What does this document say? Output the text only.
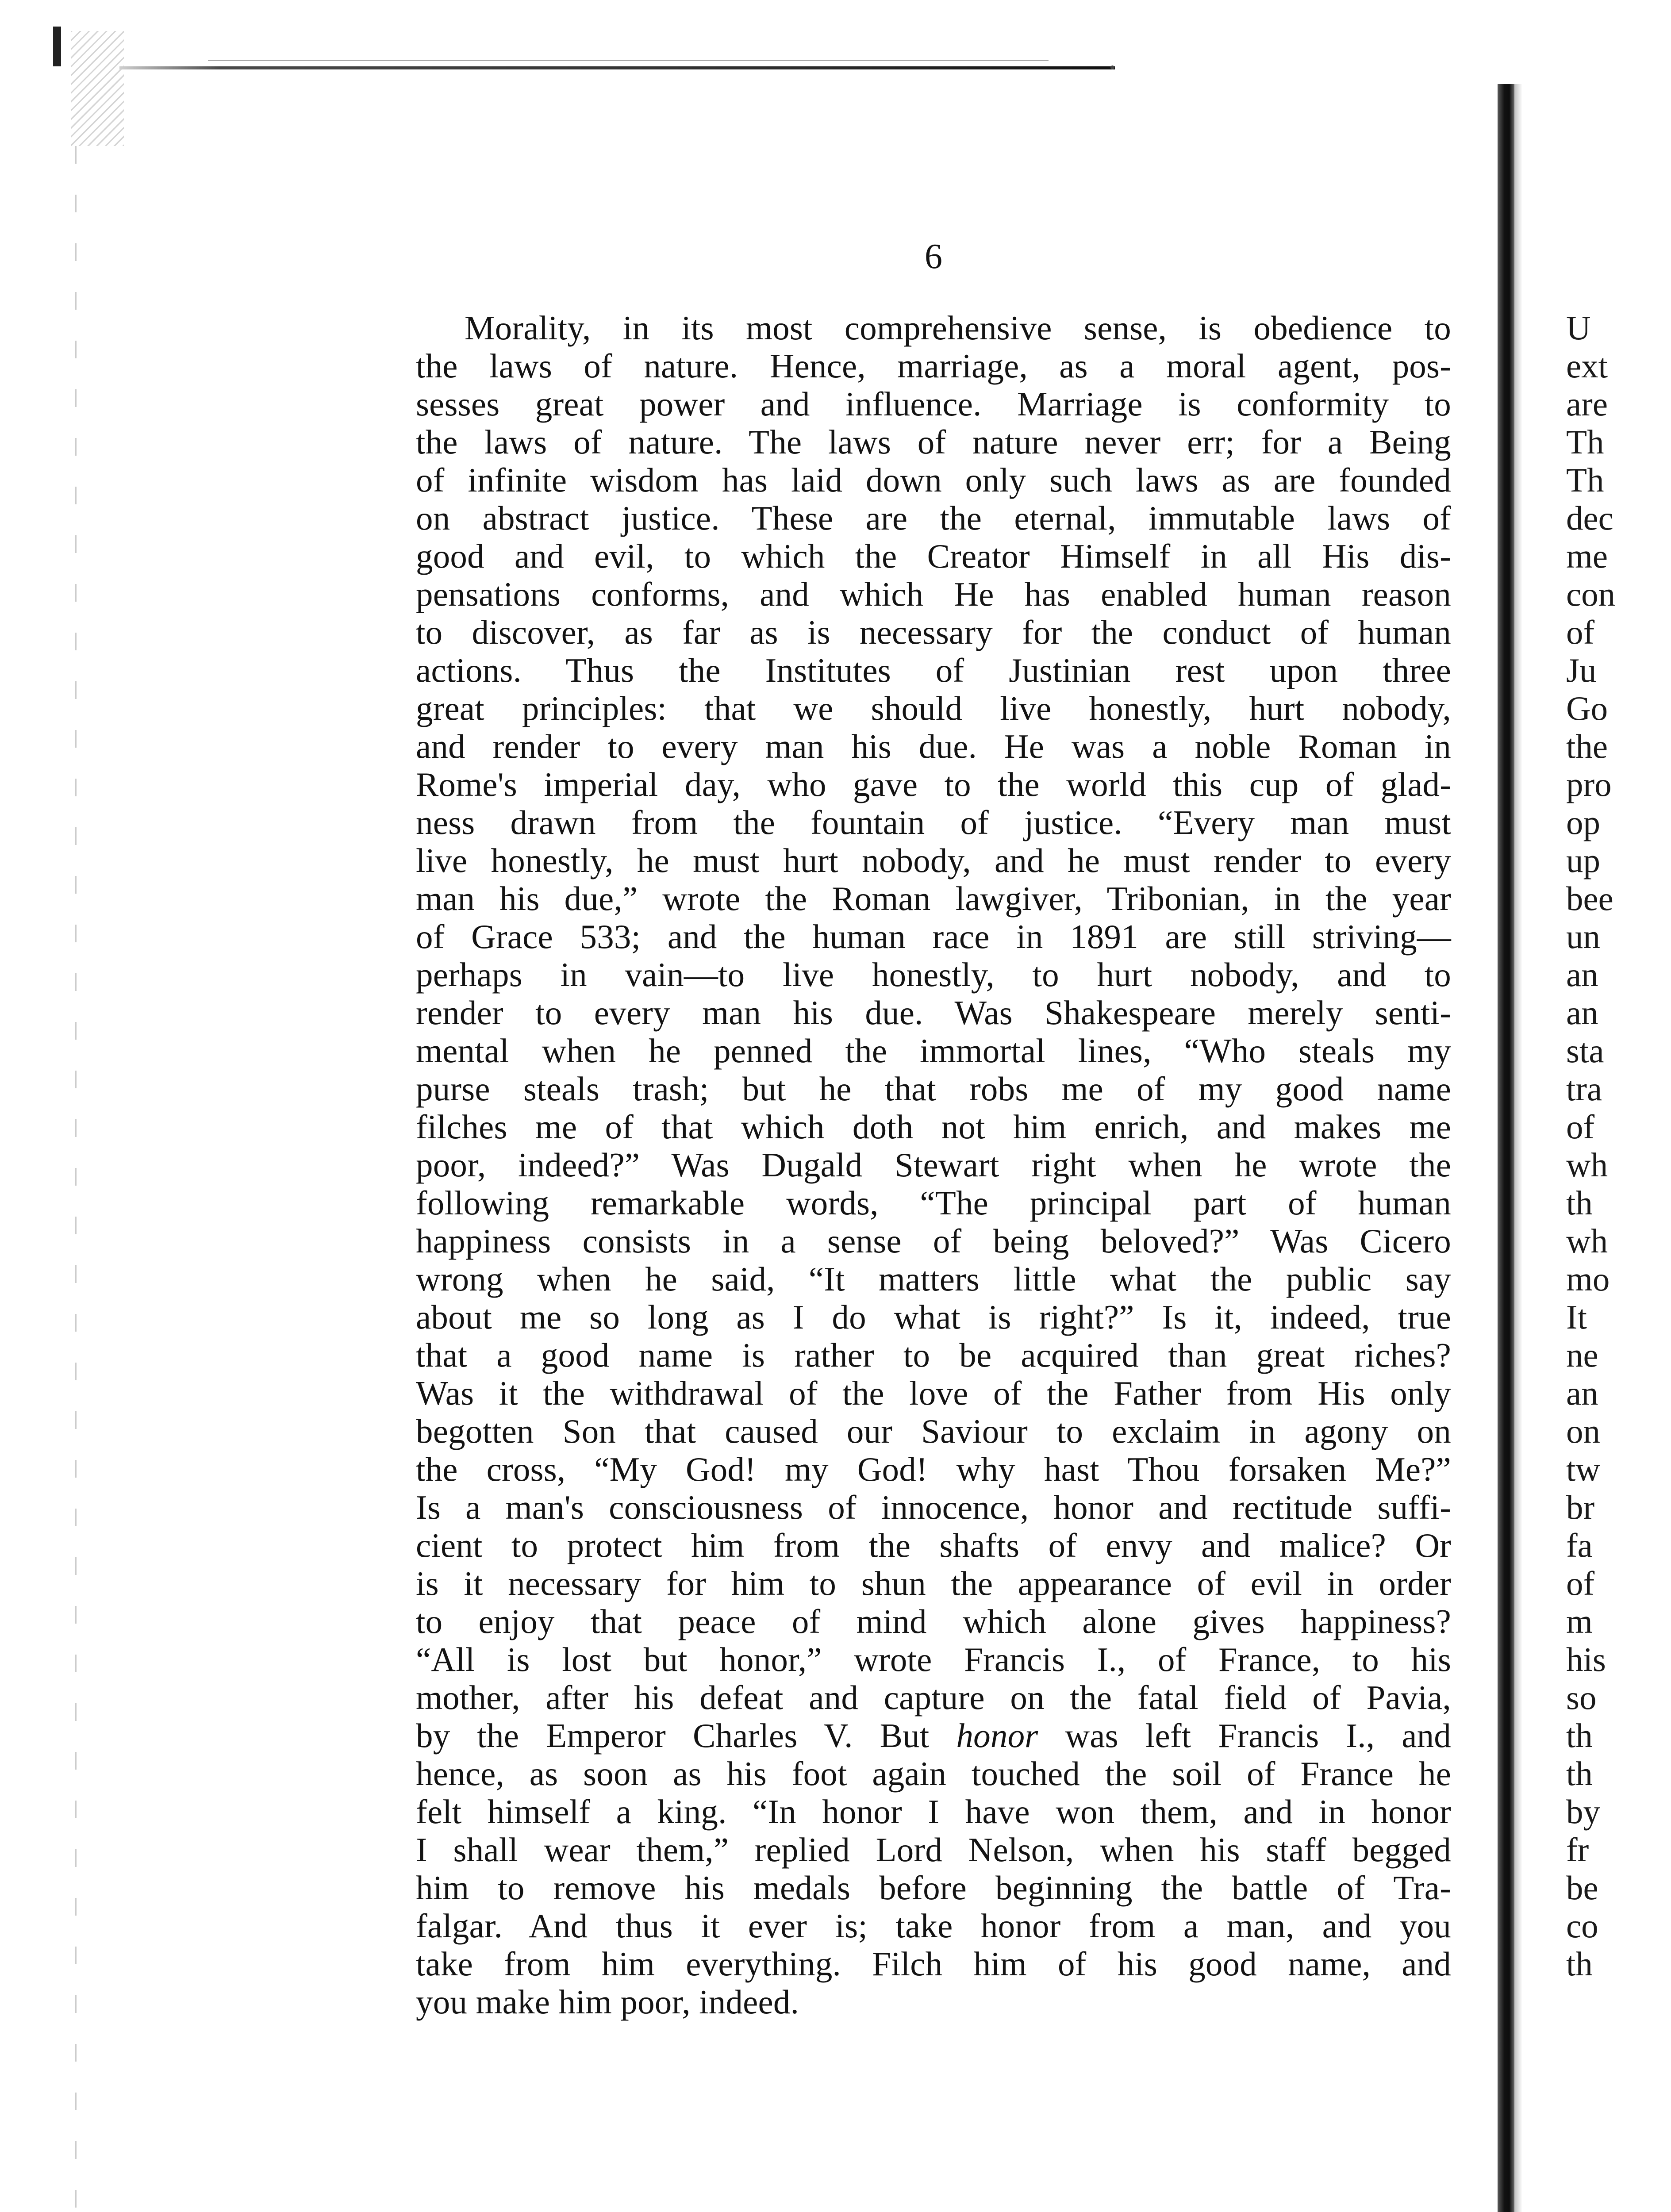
6
Morality, in its most comprehensive sense, is obedience to
the laws of nature. Hence, marriage, as a moral agent, pos-
sesses great power and influence. Marriage is conformity to
the laws of nature. The laws of nature never err; for a Being
of infinite wisdom has laid down only such laws as are founded
on abstract justice. These are the eternal, immutable laws of
good and evil, to which the Creator Himself in all His dis-
pensations conforms, and which He has enabled human reason
to discover, as far as is necessary for the conduct of human
actions. Thus the Institutes of Justinian rest upon three
great principles: that we should live honestly, hurt nobody,
and render to every man his due. He was a noble Roman in
Rome's imperial day, who gave to the world this cup of glad-
ness drawn from the fountain of justice. “Every man must
live honestly, he must hurt nobody, and he must render to every
man his due,” wrote the Roman lawgiver, Tribonian, in the year
of Grace 533; and the human race in 1891 are still striving—
perhaps in vain—to live honestly, to hurt nobody, and to
render to every man his due. Was Shakespeare merely senti-
mental when he penned the immortal lines, “Who steals my
purse steals trash; but he that robs me of my good name
filches me of that which doth not him enrich, and makes me
poor, indeed?” Was Dugald Stewart right when he wrote the
following remarkable words, “The principal part of human
happiness consists in a sense of being beloved?” Was Cicero
wrong when he said, “It matters little what the public say
about me so long as I do what is right?” Is it, indeed, true
that a good name is rather to be acquired than great riches?
Was it the withdrawal of the love of the Father from His only
begotten Son that caused our Saviour to exclaim in agony on
the cross, “My God! my God! why hast Thou forsaken Me?”
Is a man's consciousness of innocence, honor and rectitude suffi-
cient to protect him from the shafts of envy and malice? Or
is it necessary for him to shun the appearance of evil in order
to enjoy that peace of mind which alone gives happiness?
“All is lost but honor,” wrote Francis I., of France, to his
mother, after his defeat and capture on the fatal field of Pavia,
by the Emperor Charles V. But honor was left Francis I., and
hence, as soon as his foot again touched the soil of France he
felt himself a king. “In honor I have won them, and in honor
I shall wear them,” replied Lord Nelson, when his staff begged
him to remove his medals before beginning the battle of Tra-
falgar. And thus it ever is; take honor from a man, and you
take from him everything. Filch him of his good name, and
you make him poor, indeed.
U
ext
are
Th
Th
dec
me
con
of
Ju
Go
the
pro
op
up
bee
un
an
an
sta
tra
of
wh
th
wh
mo
It
ne
an
on
tw
br
fa
of
m
his
so
th
th
by
fr
be
co
th
